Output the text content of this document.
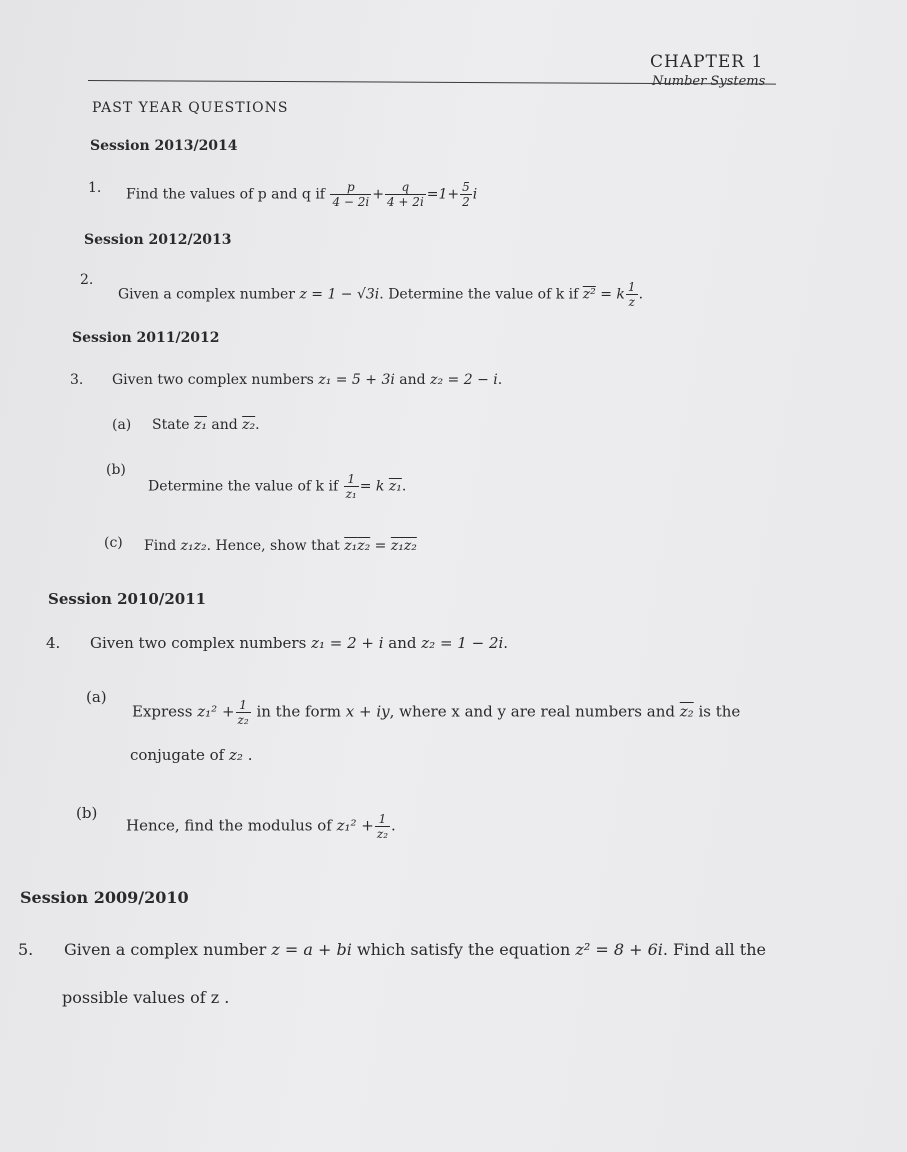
CHAPTER 1
Number Systems
PAST YEAR QUESTIONS
Session 2013/2014
1. Find the values of p and q if $\frac{p}{4 - 2i} + \frac{q}{4 + 2i} =1+ \frac{5}{2}$ i
Session 2012/2013
2.
Given a complex number z = 1 − √3i. Determine the value of k if z² = k $\frac{1}{z}$ .
Session 2011/2012
3. Given two complex numbers z₁ = 5 + 3i and z₂ = 2 − i.
(a) State z₁ and z₂.
(b)
Determine the value of k if $\frac{1}{\text{z₁}} = k$ z₁.
(c) Find z₁z₂. Hence, show that z₁z₂ = z₁z₂
Session 2010/2011
4. Given two complex numbers z₁ = 2 + i and z₂ = 1 − 2i.
(a)
Express $z_1^2 + \frac{1}{\text{z₂}}$ in the form x + iy, where x and y are real numbers and z₂ is the
conjugate of z₂ .
(b)
Hence, find the modulus of $z_1^2 + \frac{1}{\text{z₂}}$ .
Session 2009/2010
5. Given a complex number z = a + bi which satisfy the equation z² = 8 + 6i. Find all the
possible values of z .
